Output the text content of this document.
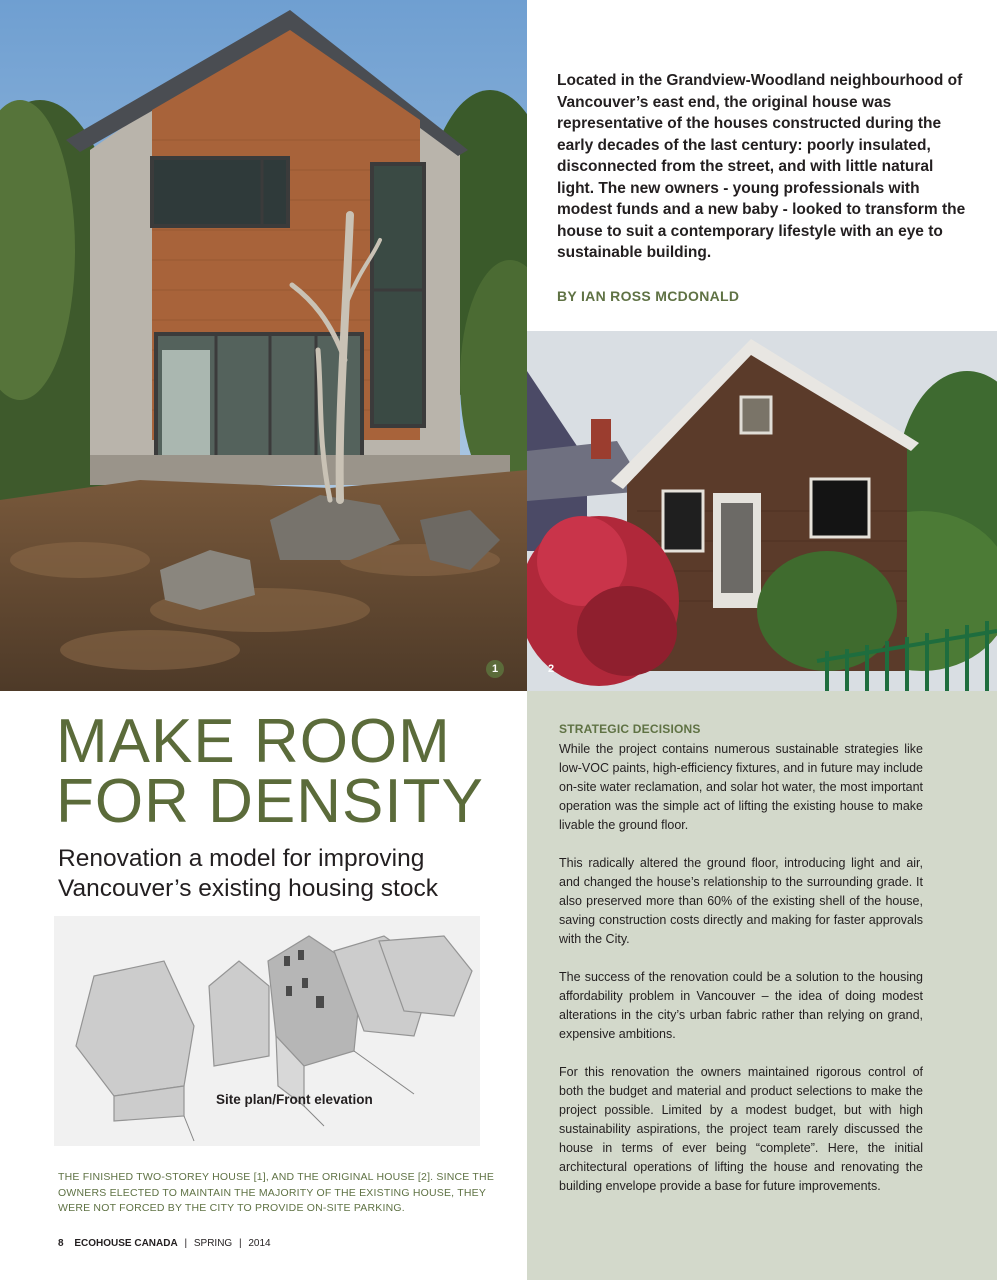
1	2

Located in the Grandview-Woodland neighbourhood of Vancouver’s east end, the original house was representative of the houses constructed during the early decades of the last century: poorly insulated, disconnected from the street, and with little natural light. The new owners - young professionals with modest funds and a new baby - looked to transform the house to suit a contemporary lifestyle with an eye to sustainable building.

BY IAN ROSS MCDONALD
MAKE ROOM
FOR DENSITY
Renovation a model for improving Vancouver’s existing housing stock
Site plan/Front elevation

THE FINISHED TWO-STOREY HOUSE [1], AND THE ORIGINAL HOUSE [2]. SINCE THE OWNERS ELECTED TO MAINTAIN THE MAJORITY OF THE EXISTING HOUSE, THEY WERE NOT FORCED BY THE CITY TO PROVIDE ON-SITE PARKING.

8 ECOHOUSE CANADA | SPRING | 2014
STRATEGIC DECISIONS

While the project contains numerous sustainable strategies like low-VOC paints, high-efficiency fixtures, and in future may include on-site water reclamation, and solar hot water, the most important operation was the simple act of lifting the existing house to make livable the ground floor.

This radically altered the ground floor, introducing light and air, and changed the house’s relationship to the surrounding grade. It also preserved more than 60% of the existing shell of the house, saving construction costs directly and making for faster approvals with the City.

The success of the renovation could be a solution to the housing affordability problem in Vancouver – the idea of doing modest alterations in the city’s urban fabric rather than relying on grand, expensive ambitions.

For this renovation the owners maintained rigorous control of both the budget and material and product selections to make the project possible. Limited by a modest budget, but with high sustainability aspirations, the project team rarely discussed the house in terms of ever being “complete”. Here, the initial architectural operations of lifting the house and renovating the building envelope provide a base for future improvements.
